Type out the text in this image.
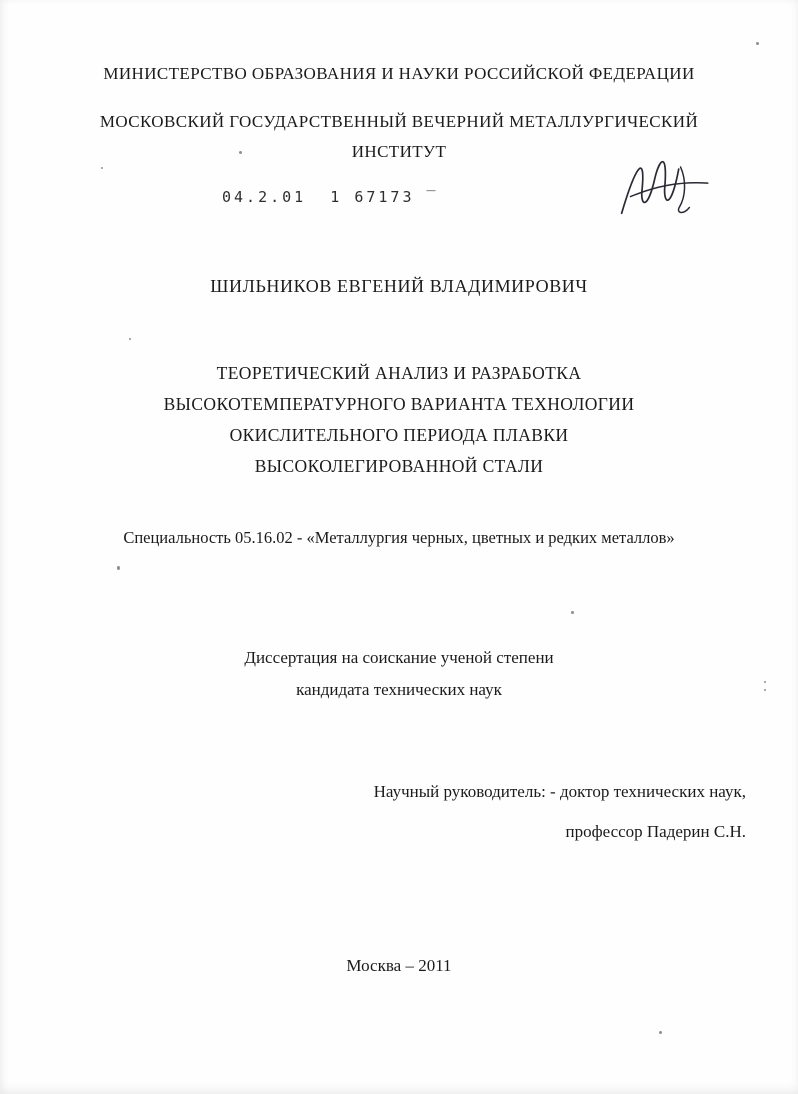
МИНИСТЕРСТВО ОБРАЗОВАНИЯ И НАУКИ РОССИЙСКОЙ ФЕДЕРАЦИИ
МОСКОВСКИЙ ГОСУДАРСТВЕННЫЙ ВЕЧЕРНИЙ МЕТАЛЛУРГИЧЕСКИЙ
ИНСТИТУТ
04.2.01  1 67173 ‾
ШИЛЬНИКОВ ЕВГЕНИЙ ВЛАДИМИРОВИЧ
ТЕОРЕТИЧЕСКИЙ АНАЛИЗ И РАЗРАБОТКА
ВЫСОКОТЕМПЕРАТУРНОГО ВАРИАНТА ТЕХНОЛОГИИ
ОКИСЛИТЕЛЬНОГО ПЕРИОДА ПЛАВКИ
ВЫСОКОЛЕГИРОВАННОЙ СТАЛИ
Специальность 05.16.02 - «Металлургия черных, цветных и редких металлов»
Диссертация на соискание ученой степени
кандидата технических наук
Научный руководитель: - доктор технических наук,
профессор Падерин С.Н.
Москва – 2011
